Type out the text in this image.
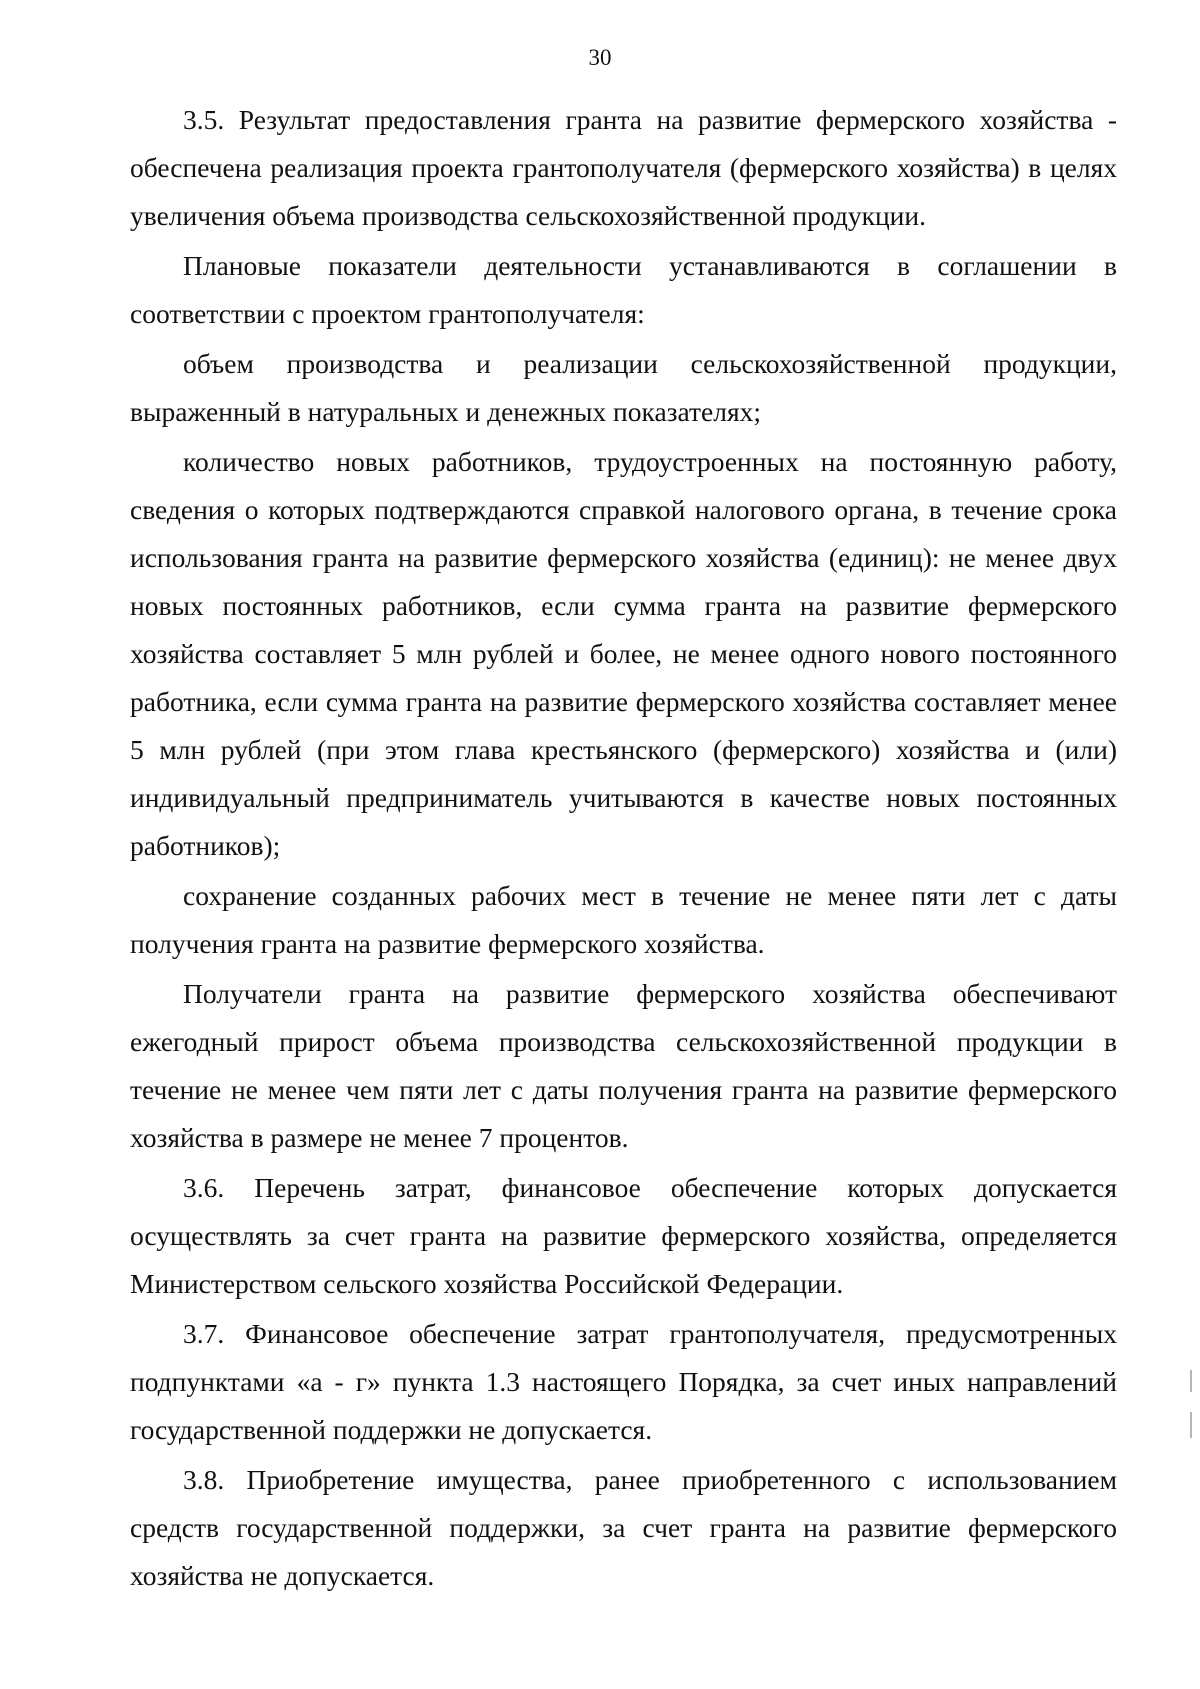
30

3.5. Результат предоставления гранта на развитие фермерского хозяйства - обеспечена реализация проекта грантополучателя (фермерского хозяйства) в целях увеличения объема производства сельскохозяйственной продукции.

Плановые показатели деятельности устанавливаются в соглашении в соответствии с проектом грантополучателя:

объем производства и реализации сельскохозяйственной продукции, выраженный в натуральных и денежных показателях;

количество новых работников, трудоустроенных на постоянную работу, сведения о которых подтверждаются справкой налогового органа, в течение срока использования гранта на развитие фермерского хозяйства (единиц): не менее двух новых постоянных работников, если сумма гранта на развитие фермерского хозяйства составляет 5 млн рублей и более, не менее одного нового постоянного работника, если сумма гранта на развитие фермерского хозяйства составляет менее 5 млн рублей (при этом глава крестьянского (фермерского) хозяйства и (или) индивидуальный предприниматель учитываются в качестве новых постоянных работников);

сохранение созданных рабочих мест в течение не менее пяти лет с даты получения гранта на развитие фермерского хозяйства.

Получатели гранта на развитие фермерского хозяйства обеспечивают ежегодный прирост объема производства сельскохозяйственной продукции в течение не менее чем пяти лет с даты получения гранта на развитие фермерского хозяйства в размере не менее 7 процентов.

3.6. Перечень затрат, финансовое обеспечение которых допускается осуществлять за счет гранта на развитие фермерского хозяйства, определяется Министерством сельского хозяйства Российской Федерации.

3.7. Финансовое обеспечение затрат грантополучателя, предусмотренных подпунктами «а - г» пункта 1.3 настоящего Порядка, за счет иных направлений государственной поддержки не допускается.

3.8. Приобретение имущества, ранее приобретенного с использованием средств государственной поддержки, за счет гранта на развитие фермерского хозяйства не допускается.
